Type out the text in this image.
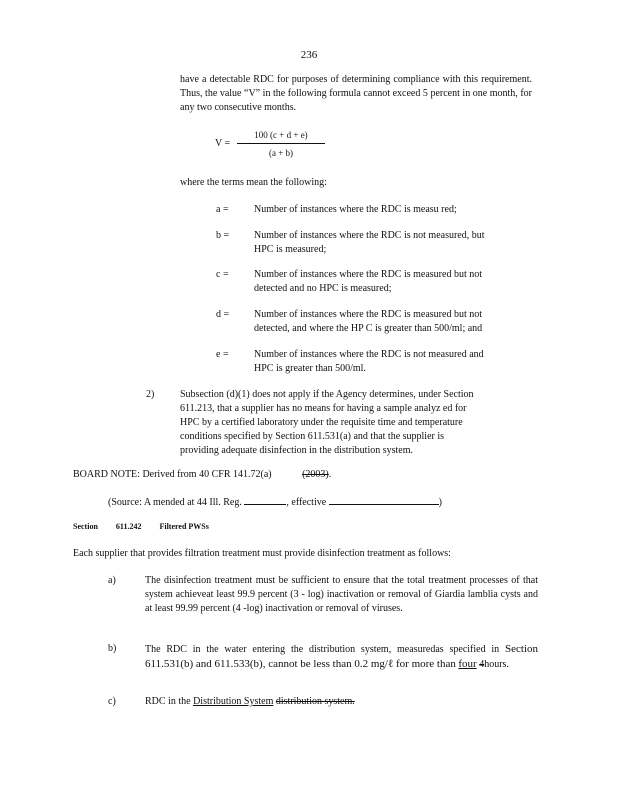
236
have a detectable RDC for purposes of determining compliance with this requirement. Thus, the value “V” in the following formula cannot exceed 5 percent in one month, for any two consecutive months.
V =
100 (c + d + e)
(a + b)
where the terms mean the following:
a =	Number of instances where the RDC is measu red;
b = Number of instances where the RDC is not measured, but HPC is measured;
c =	Number of instances where the RDC is measured but not detected and no HPC is measured;
d = Number of instances where the RDC is measured but not detected, and where the HP C is greater than 500/ml; and
e =	Number of instances where the RDC is not measured and HPC is greater than 500/ml.
2)	Subsection (d)(1) does not apply if the Agency determines, under Section 611.213, that a supplier has no means for having a sample analyz ed for HPC by a certified laboratory under the requisite time and temperature conditions specified by Section 611.531(a) and that the supplier is providing adequate disinfection in the distribution system.
BOARD NOTE: Derived from 40 CFR 141.72(a)	(2003).
(Source: A mended at 44 Ill. Reg.	, effective	)
Section 611.242 Filtered PWSs
Each supplier that provides filtration treatment must provide disinfection treatment as follows:
a)	The disinfection treatment must be sufficient to ensure that the total treatment processes of that system achieveat least 99.9 percent (3 - log) inactivation or removal of Giardia lamblia cysts and at least 99.99 percent (4 -log) inactivation or removal of viruses.
b)	The RDC in the water entering the distribution system, measuredas specified in Section 611.531(b) and 611.533(b), cannot be less than 0.2 mg/ℓ for more than four 4hours.
c)	RDC in the Distribution System distribution system.
